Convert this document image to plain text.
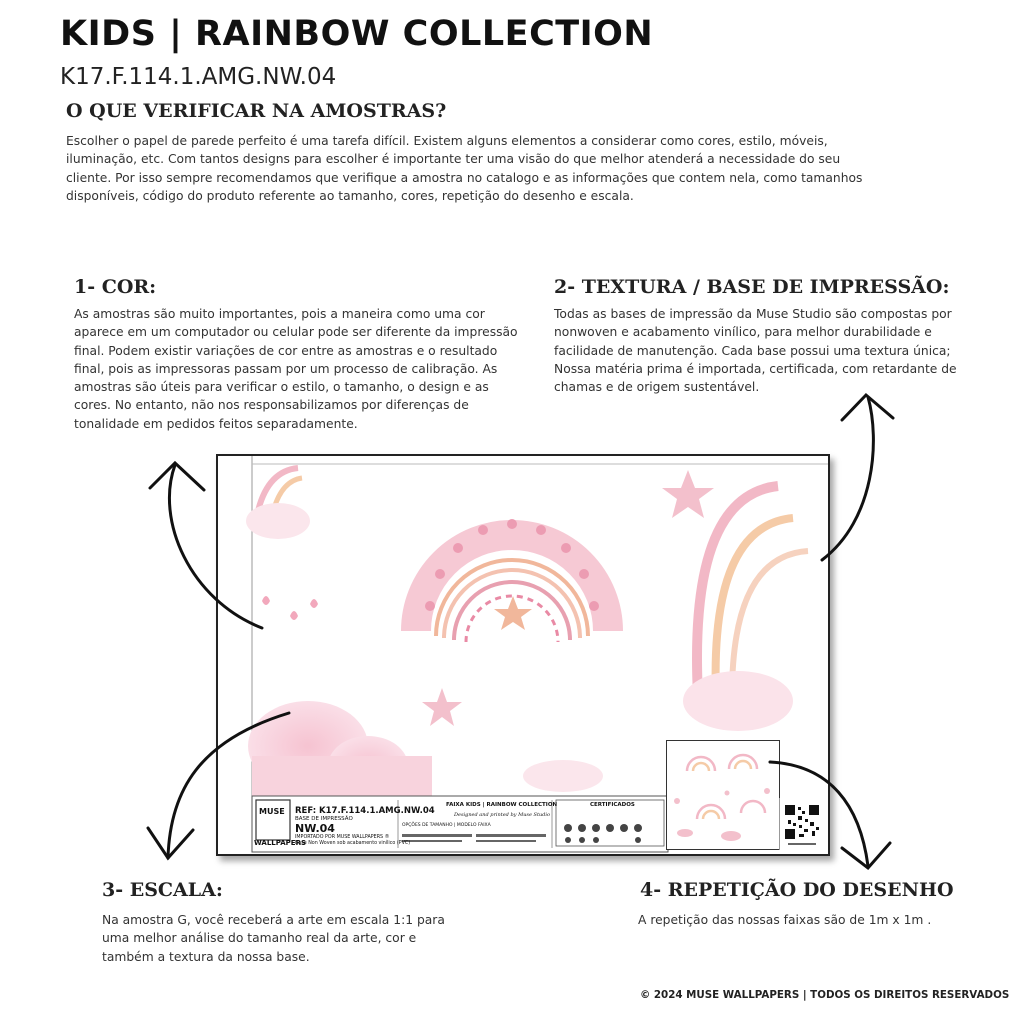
KIDS | RAINBOW COLLECTION
K17.F.114.1.AMG.NW.04
O QUE VERIFICAR NA AMOSTRAS?
Escolher o papel de parede perfeito é uma tarefa difícil. Existem alguns elementos a considerar como cores, estilo, móveis, iluminação, etc. Com tantos designs para escolher é importante ter uma visão do que melhor atenderá a necessidade do seu cliente. Por isso sempre recomendamos que verifique a amostra no catalogo e as informações que contem nela, como tamanhos disponíveis, código do produto referente ao tamanho, cores, repetição do desenho e escala.
1- COR:
As amostras são muito importantes, pois a maneira como uma cor aparece em um computador ou celular pode ser diferente da impressão final. Podem existir variações de cor entre as amostras e o resultado final, pois as impressoras passam por um processo de calibração. As amostras são úteis para verificar o estilo, o tamanho, o design e as cores. No entanto, não nos responsabilizamos por diferenças de tonalidade em pedidos feitos separadamente.
2- TEXTURA / BASE DE IMPRESSÃO:
Todas as bases de impressão da Muse Studio são compostas por nonwoven e acabamento vinílico, para melhor durabilidade e facilidade de manutenção. Cada base possui uma textura única; Nossa matéria prima é importada, certificada, com retardante de chamas e de origem sustentável.
MUSE
WALLPAPERS
REF: K17.F.114.1.AMG.NW.04
BASE DE IMPRESSÃO
NW.04
IMPORTADO POR MUSE WALLPAPERS ®
Base Non Woven sob acabamento vinílico (PVC)
FAIXA KIDS | RAINBOW COLLECTION
Designed and printed by Muse Studio
OPÇÕES DE TAMANHO | MODELO FAIXA
CERTIFICADOS
3- ESCALA:
Na amostra G, você receberá a arte em escala 1:1 para uma melhor análise do tamanho real da arte, cor e também a textura da nossa base.
4- REPETIÇÃO DO DESENHO
A repetição das nossas faixas são de 1m x 1m .
© 2024 MUSE WALLPAPERS | TODOS OS DIREITOS RESERVADOS
